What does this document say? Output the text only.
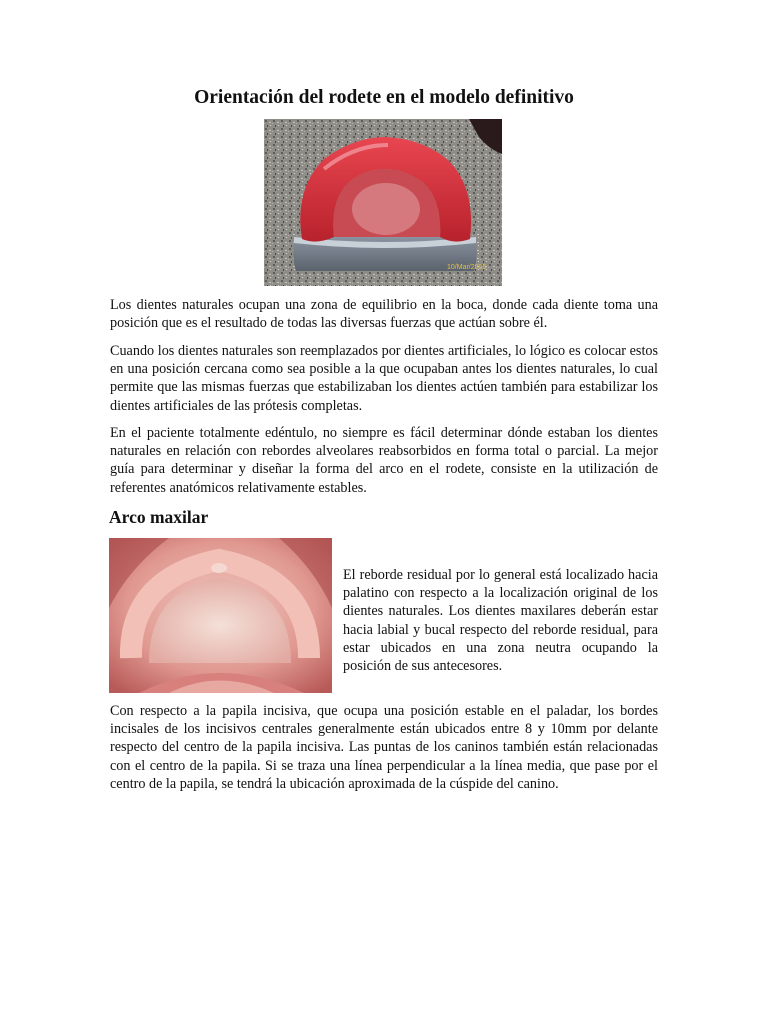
Orientación del rodete en el modelo definitivo
10/Mar/2005

Los dientes naturales ocupan una zona de equilibrio en la boca, donde cada diente toma una posición que es el resultado de todas las diversas fuerzas que actúan sobre él.

Cuando los dientes naturales son reemplazados por dientes artificiales, lo lógico es colocar estos en una posición cercana como sea posible a la que ocupaban antes los dientes naturales, lo cual permite que las mismas fuerzas que estabilizaban los dientes actúen también para estabilizar los dientes artificiales de las prótesis completas.

En el paciente totalmente edéntulo, no siempre es fácil determinar dónde estaban los dientes naturales en relación con rebordes alveolares reabsorbidos en forma total o parcial. La mejor guía para determinar y diseñar la forma del arco en el rodete, consiste en la utilización de referentes anatómicos relativamente estables.

Arco maxilar

El reborde residual por lo general está localizado hacia palatino con respecto a la localización original de los dientes naturales. Los dientes maxilares deberán estar hacia labial y bucal respecto del reborde residual, para estar ubicados en una zona neutra ocupando la posición de sus antecesores.

Con respecto a la papila incisiva, que ocupa una posición estable en el paladar, los bordes incisales de los incisivos centrales generalmente están ubicados entre 8 y 10mm por delante respecto del centro de la papila incisiva. Las puntas de los caninos también están relacionadas con el centro de la papila. Si se traza una línea perpendicular a la línea media, que pase por el centro de la papila, se tendrá la ubicación aproximada de la cúspide del canino.
